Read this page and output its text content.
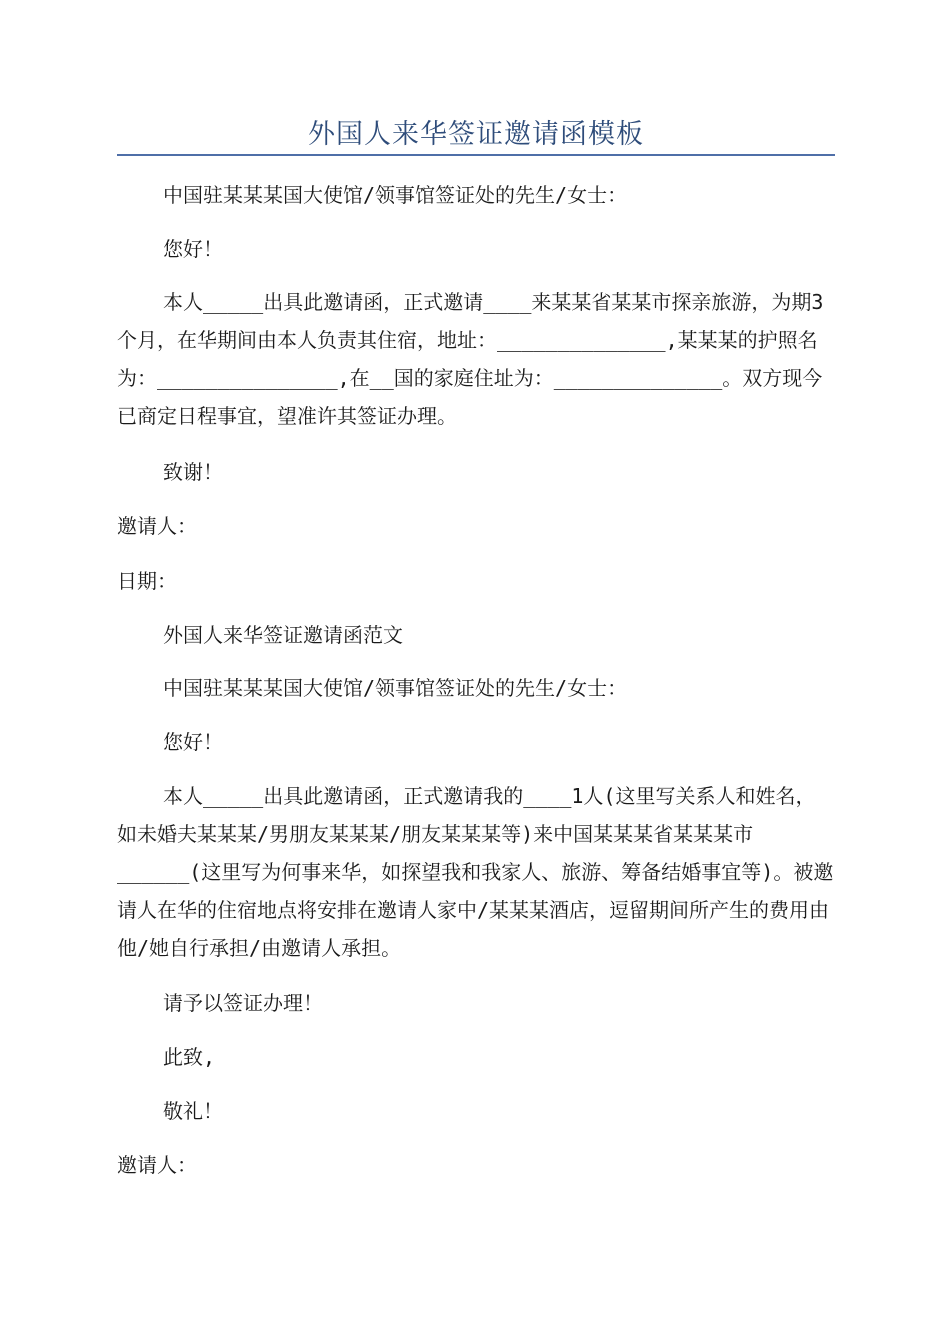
外国人来华签证邀请函模板

中国驻某某某国大使馆/领事馆签证处的先生/女士：

您好！

本人_____出具此邀请函，正式邀请____来某某省某某市探亲旅游，为期3个月，在华期间由本人负责其住宿，地址：______________,某某某的护照名为：_______________,在__国的家庭住址为：______________。双方现今已商定日程事宜，望准许其签证办理。

致谢！

邀请人：

日期：

外国人来华签证邀请函范文

中国驻某某某国大使馆/领事馆签证处的先生/女士：

您好！

本人_____出具此邀请函，正式邀请我的____1人(这里写关系人和姓名，如未婚夫某某某/男朋友某某某/朋友某某某等)来中国某某某省某某某市______(这里写为何事来华，如探望我和我家人、旅游、筹备结婚事宜等)。被邀请人在华的住宿地点将安排在邀请人家中/某某某酒店，逗留期间所产生的费用由他/她自行承担/由邀请人承担。

请予以签证办理！

此致,

敬礼！

邀请人：
